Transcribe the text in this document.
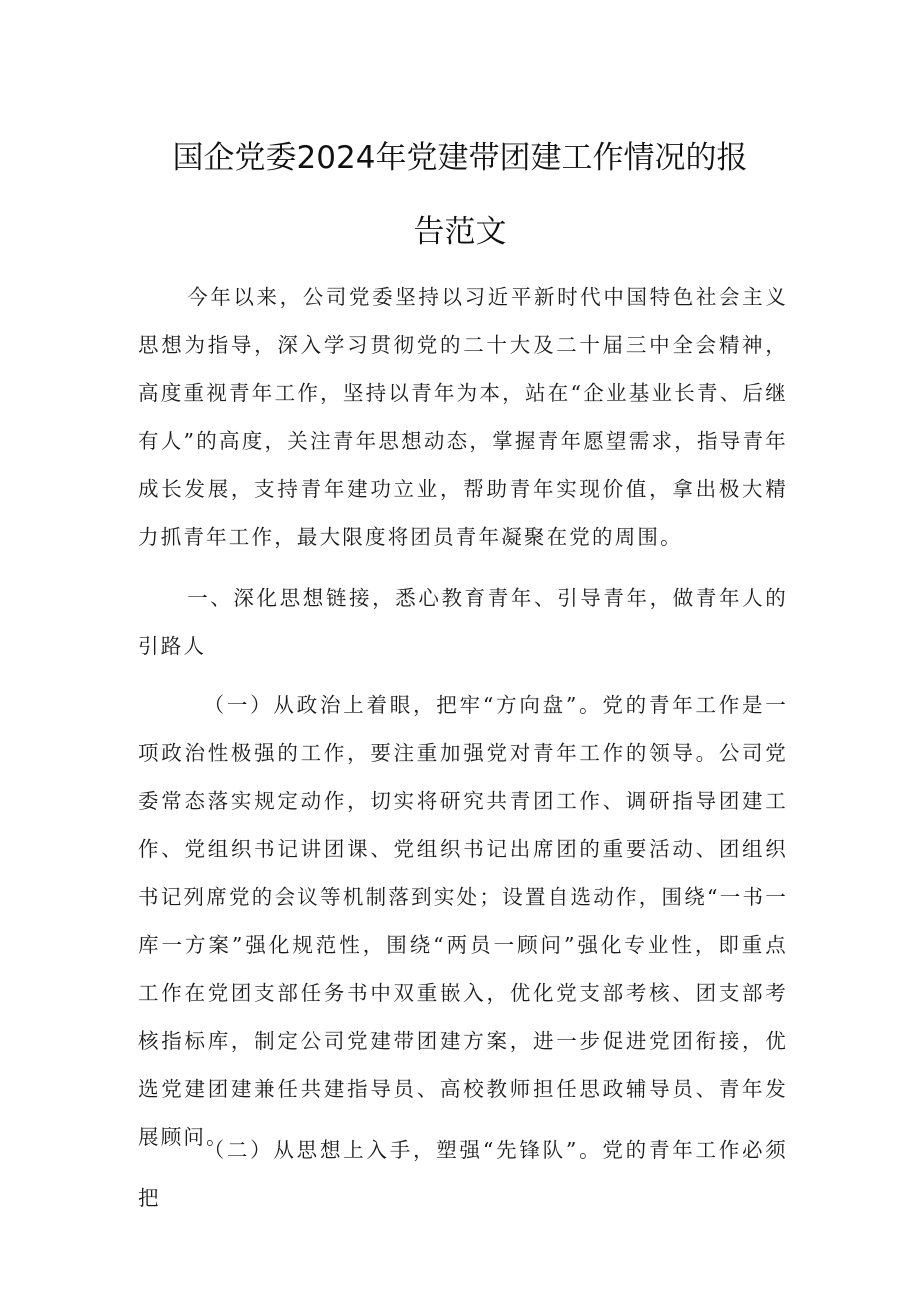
国企党委2024年党建带团建工作情况的报
告范文

今年以来，公司党委坚持以习近平新时代中国特色社会主义思想为指导，深入学习贯彻党的二十大及二十届三中全会精神，高度重视青年工作，坚持以青年为本，站在“企业基业长青、后继有人”的高度，关注青年思想动态，掌握青年愿望需求，指导青年成长发展，支持青年建功立业，帮助青年实现价值，拿出极大精力抓青年工作，最大限度将团员青年凝聚在党的周围。

一、深化思想链接，悉心教育青年、引导青年，做青年人的引路人

（一）从政治上着眼，把牢“方向盘”。党的青年工作是一项政治性极强的工作，要注重加强党对青年工作的领导。公司党委常态落实规定动作，切实将研究共青团工作、调研指导团建工作、党组织书记讲团课、党组织书记出席团的重要活动、团组织书记列席党的会议等机制落到实处；设置自选动作，围绕“一书一库一方案”强化规范性，围绕“两员一顾问”强化专业性，即重点工作在党团支部任务书中双重嵌入，优化党支部考核、团支部考核指标库，制定公司党建带团建方案，进一步促进党团衔接，优选党建团建兼任共建指导员、高校教师担任思政辅导员、青年发展顾问。

（二）从思想上入手，塑强“先锋队”。党的青年工作必须把
